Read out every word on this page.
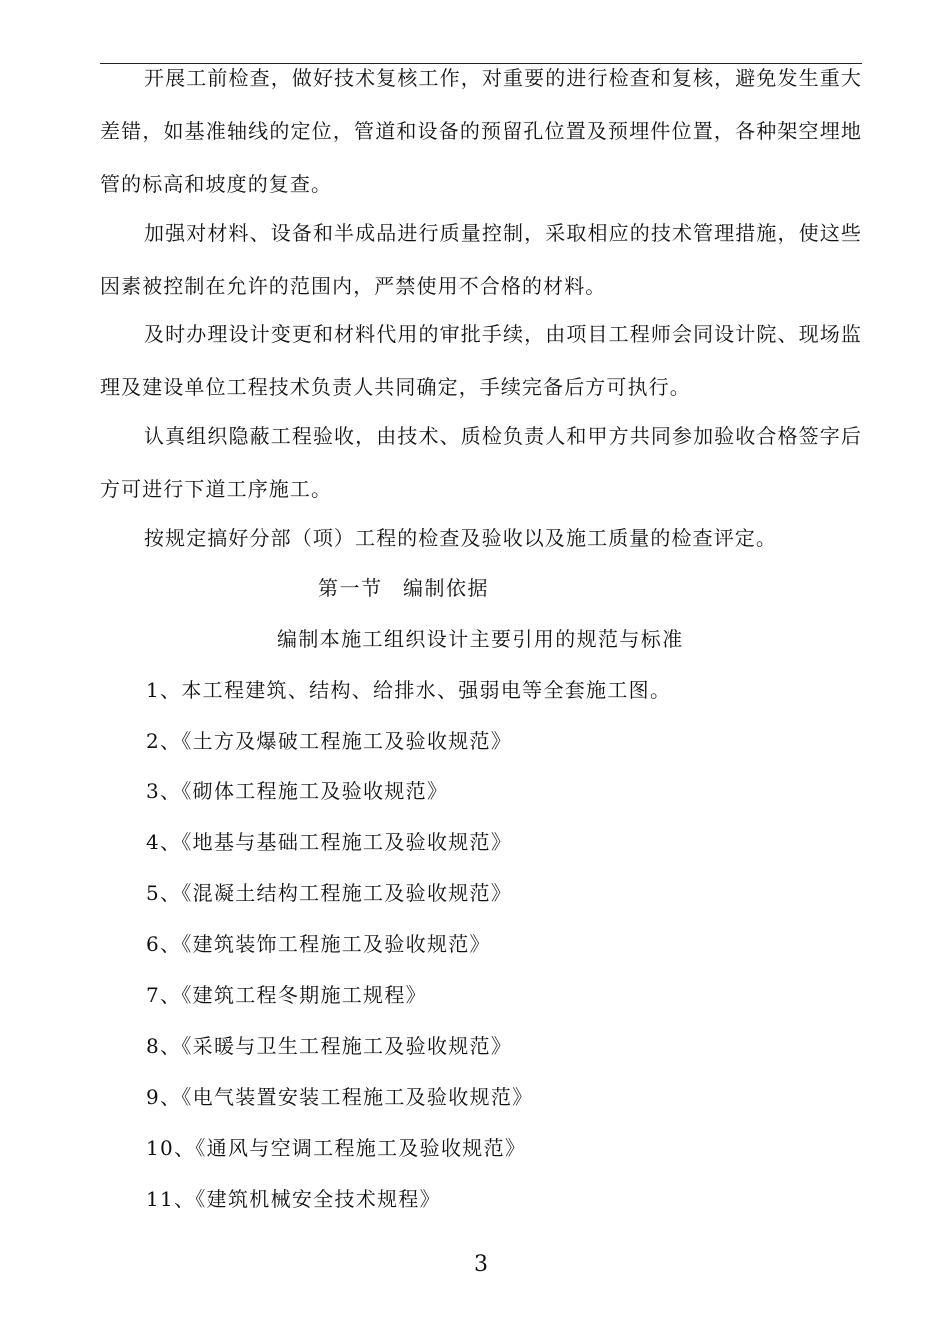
开展工前检查，做好技术复核工作，对重要的进行检查和复核，避免发生重大差错，如基准轴线的定位，管道和设备的预留孔位置及预埋件位置，各种架空埋地管的标高和坡度的复查。

加强对材料、设备和半成品进行质量控制，采取相应的技术管理措施，使这些因素被控制在允许的范围内，严禁使用不合格的材料。

及时办理设计变更和材料代用的审批手续，由项目工程师会同设计院、现场监理及建设单位工程技术负责人共同确定，手续完备后方可执行。

认真组织隐蔽工程验收，由技术、质检负责人和甲方共同参加验收合格签字后方可进行下道工序施工。

按规定搞好分部（项）工程的检查及验收以及施工质量的检查评定。

第一节 编制依据
编制本施工组织设计主要引用的规范与标准
1、本工程建筑、结构、给排水、强弱电等全套施工图。
2、《土方及爆破工程施工及验收规范》
3、《砌体工程施工及验收规范》
4、《地基与基础工程施工及验收规范》
5、《混凝土结构工程施工及验收规范》
6、《建筑装饰工程施工及验收规范》
7、《建筑工程冬期施工规程》
8、《采暖与卫生工程施工及验收规范》
9、《电气装置安装工程施工及验收规范》
10、《通风与空调工程施工及验收规范》
11、《建筑机械安全技术规程》
3
